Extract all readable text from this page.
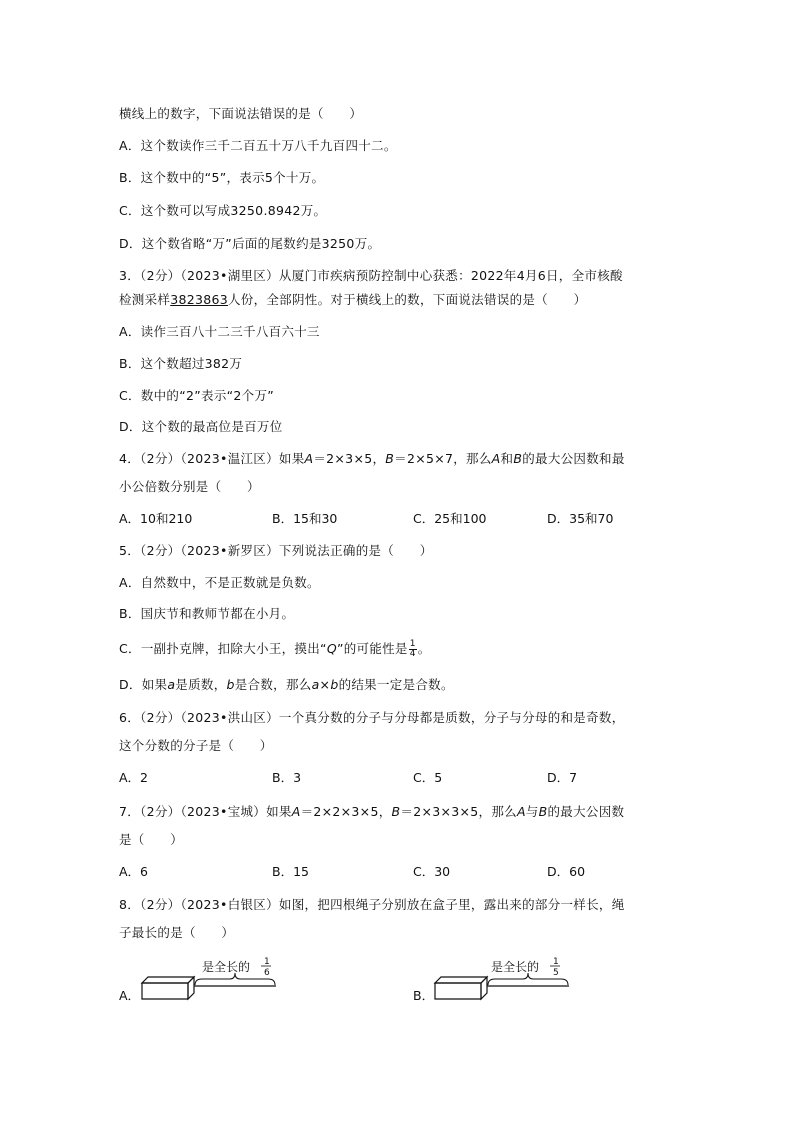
横线上的数字，下面说法错误的是（　　）
A．这个数读作三千二百五十万八千九百四十二。
B．这个数中的“5”，表示5个十万。
C．这个数可以写成3250.8942万。
D．这个数省略“万”后面的尾数约是3250万。
3．（2分）（2023•湖里区）从厦门市疾病预防控制中心获悉：2022年4月6日，全市核酸
检测采样3823863人份，全部阴性。对于横线上的数，下面说法错误的是（　　）
A．读作三百八十二三千八百六十三
B．这个数超过382万
C．数中的“2”表示“2个万”
D．这个数的最高位是百万位
4．（2分）（2023•温江区）如果A＝2×3×5，B＝2×5×7，那么A和B的最大公因数和最
小公倍数分别是（　　）
A．10和210	B．15和30	C．25和100	D．35和70
5．（2分）（2023•新罗区）下列说法正确的是（　　）
A．自然数中，不是正数就是负数。
B．国庆节和教师节都在小月。
C．一副扑克牌，扣除大小王，摸出“Q”的可能性是 $\frac{1}{4}$ 。
D．如果a是质数，b是合数，那么a×b的结果一定是合数。
6．（2分）（2023•洪山区）一个真分数的分子与分母都是质数，分子与分母的和是奇数，
这个分数的分子是（　　）
A．2	B．3	C．5	D．7
7．（2分）（2023•宝城）如果A＝2×2×3×5，B＝2×3×3×5，那么A与B的最大公因数
是（　　）
A．6	B．15	C．30	D．60
8．（2分）（2023•白银区）如图，把四根绳子分别放在盒子里，露出来的部分一样长，绳
子最长的是（　　）
A．
是全长的 1
6
B．
是全长的 1
5
